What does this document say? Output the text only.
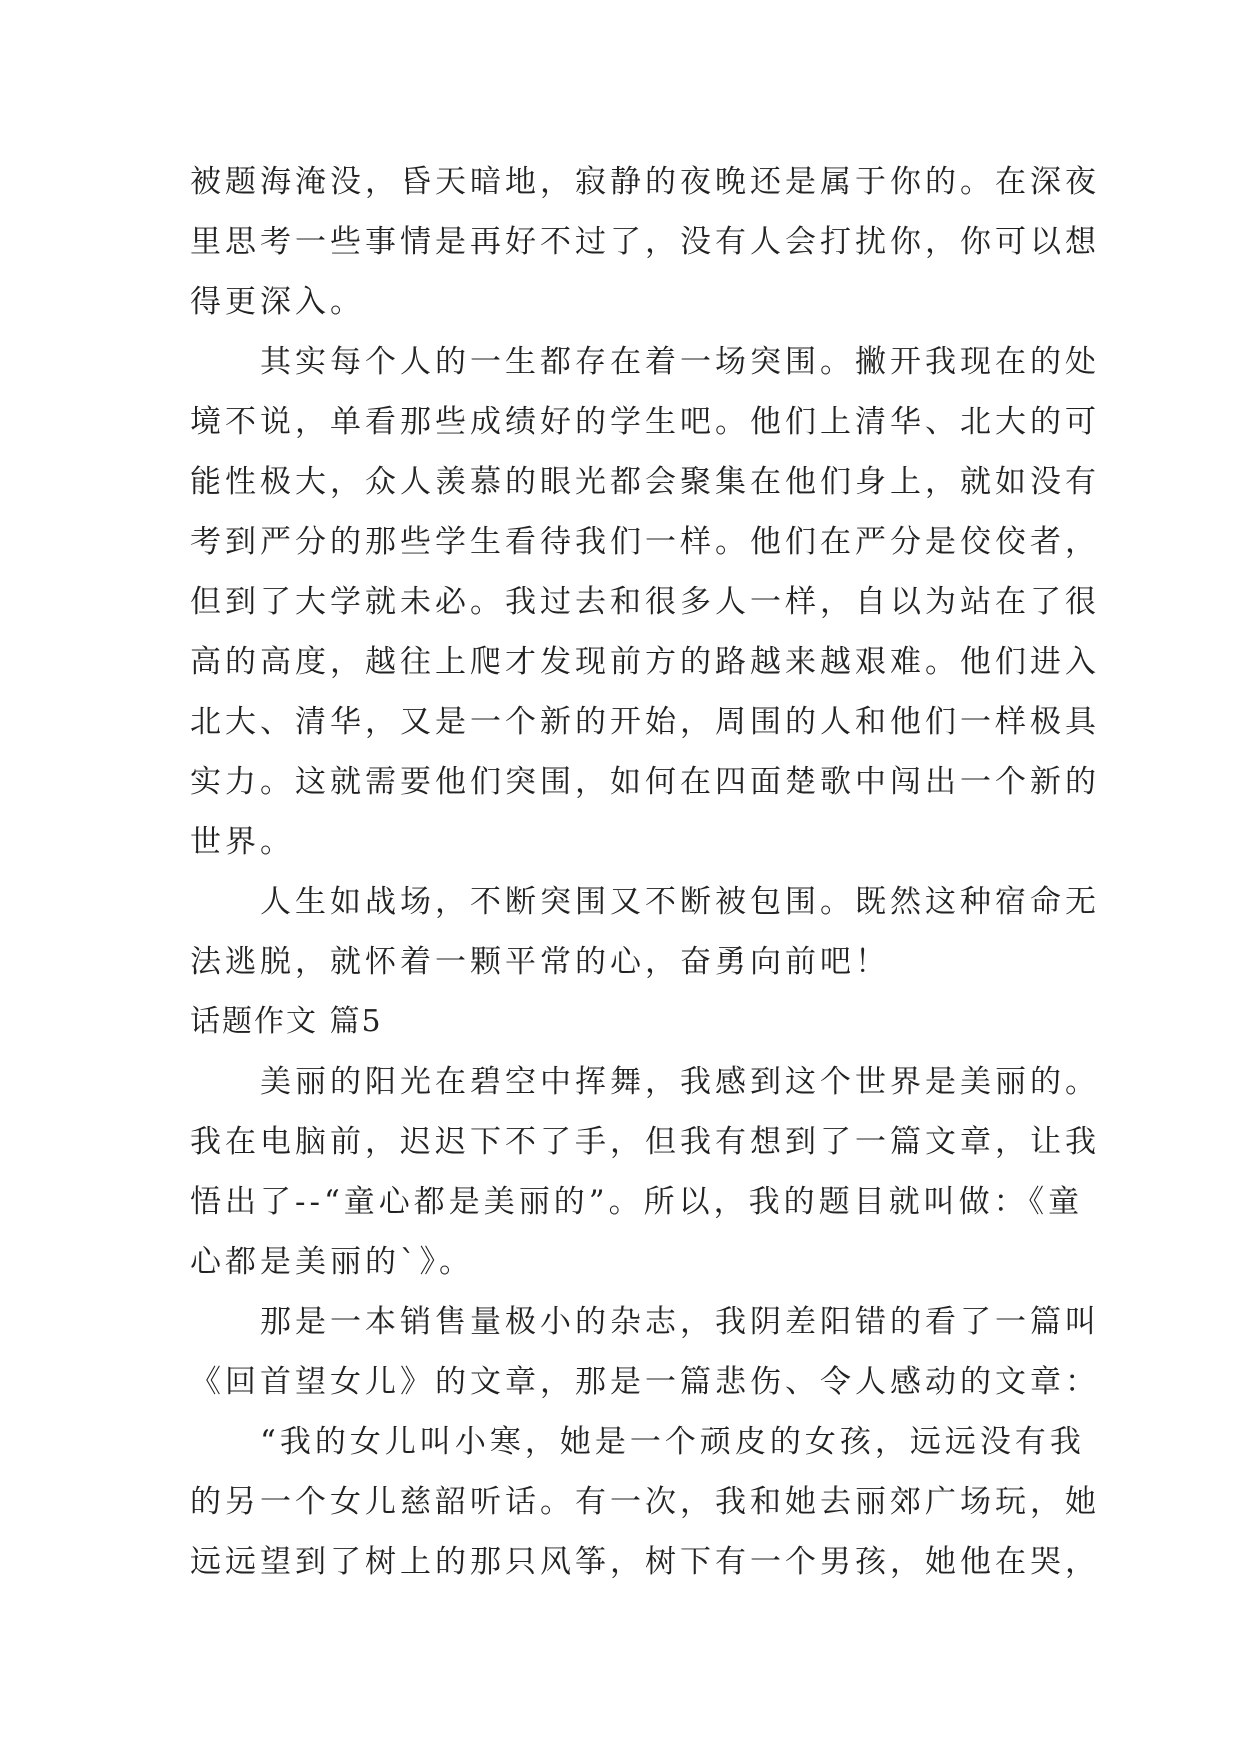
被题海淹没，昏天暗地，寂静的夜晚还是属于你的。在深夜
里思考一些事情是再好不过了，没有人会打扰你，你可以想
得更深入。
其实每个人的一生都存在着一场突围。撇开我现在的处
境不说，单看那些成绩好的学生吧。他们上清华、北大的可
能性极大，众人羡慕的眼光都会聚集在他们身上，就如没有
考到严分的那些学生看待我们一样。他们在严分是佼佼者，
但到了大学就未必。我过去和很多人一样，自以为站在了很
高的高度，越往上爬才发现前方的路越来越艰难。他们进入
北大、清华，又是一个新的开始，周围的人和他们一样极具
实力。这就需要他们突围，如何在四面楚歌中闯出一个新的
世界。
人生如战场，不断突围又不断被包围。既然这种宿命无
法逃脱，就怀着一颗平常的心，奋勇向前吧！
话题作文 篇5
美丽的阳光在碧空中挥舞，我感到这个世界是美丽的。
我在电脑前，迟迟下不了手，但我有想到了一篇文章，让我
悟出了--“童心都是美丽的”。所以，我的题目就叫做：《童
心都是美丽的`》。
那是一本销售量极小的杂志，我阴差阳错的看了一篇叫
《回首望女儿》的文章，那是一篇悲伤、令人感动的文章：
“我的女儿叫小寒，她是一个顽皮的女孩，远远没有我
的另一个女儿慈韶听话。有一次，我和她去丽郊广场玩，她
远远望到了树上的那只风筝，树下有一个男孩，她他在哭，
